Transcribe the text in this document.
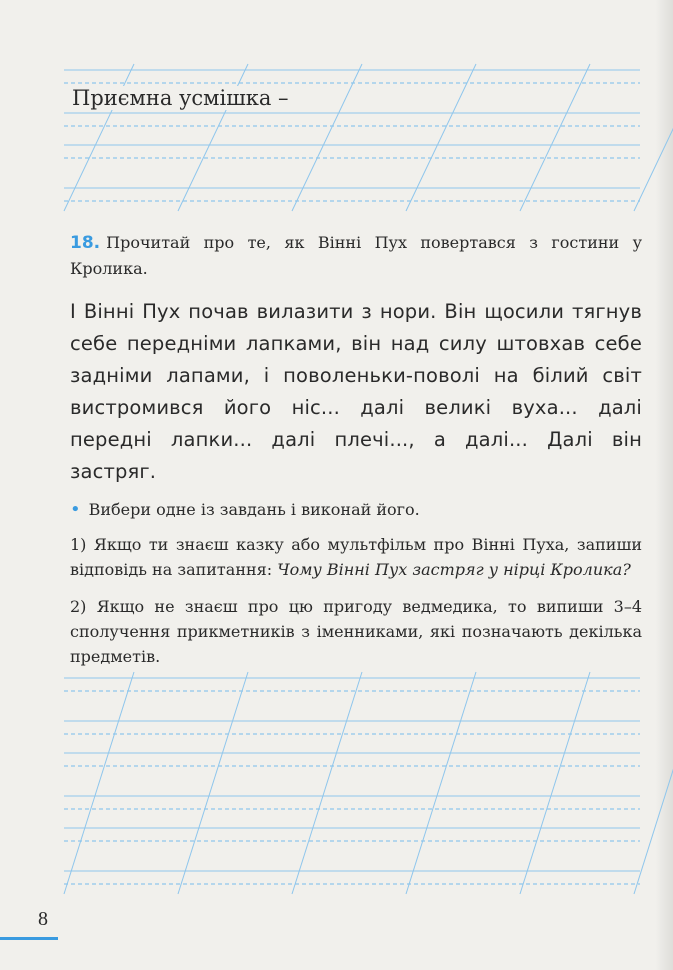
Приємна усмішка –
18. Прочитай про те, як Вінні Пух повертався з гостини у Кролика.
І Вінні Пух почав вилазити з нори. Він щосили тягнув себе передніми лапками, він над силу штовхав себе задніми лапами, і поволеньки-поволі на білий світ вистромився його ніс... далі великі вуха... далі передні лапки... далі плечі..., а далі... Далі він застряг.
• Вибери одне із завдань і виконай його.
1) Якщо ти знаєш казку або мультфільм про Вінні Пуха, запиши відповідь на запитання: Чому Вінні Пух застряг у нірці Кролика?
2) Якщо не знаєш про цю пригоду ведмедика, то випиши 3–4 сполучення прикметників з іменниками, які позначають декілька предметів.
8
